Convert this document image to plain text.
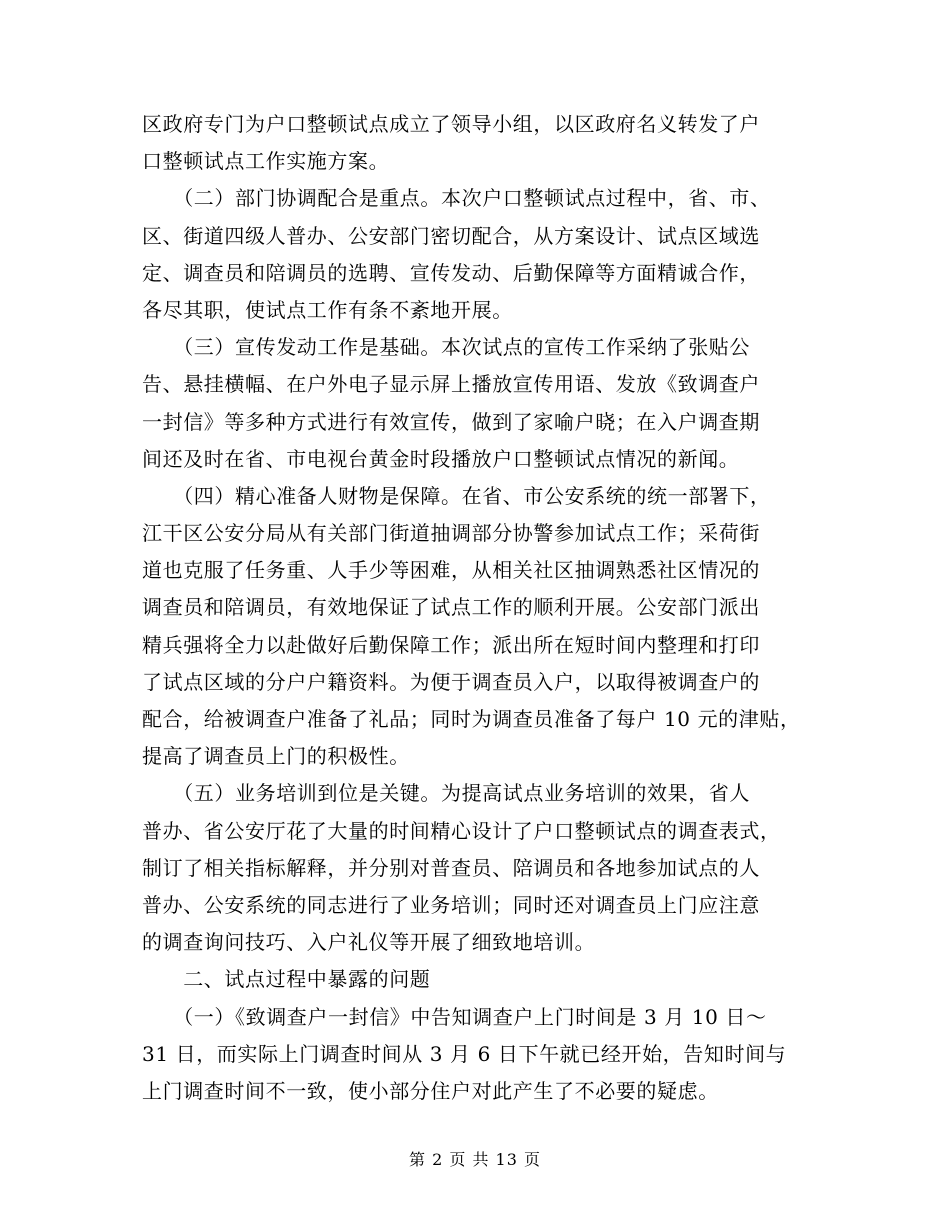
区政府专门为户口整顿试点成立了领导小组，以区政府名义转发了户
口整顿试点工作实施方案。
　　（二）部门协调配合是重点。本次户口整顿试点过程中，省、市、
区、街道四级人普办、公安部门密切配合，从方案设计、试点区域选
定、调查员和陪调员的选聘、宣传发动、后勤保障等方面精诚合作，
各尽其职，使试点工作有条不紊地开展。
　　（三）宣传发动工作是基础。本次试点的宣传工作采纳了张贴公
告、悬挂横幅、在户外电子显示屏上播放宣传用语、发放《致调查户
一封信》等多种方式进行有效宣传，做到了家喻户晓；在入户调查期
间还及时在省、市电视台黄金时段播放户口整顿试点情况的新闻。
　　（四）精心准备人财物是保障。在省、市公安系统的统一部署下，
江干区公安分局从有关部门街道抽调部分协警参加试点工作；采荷街
道也克服了任务重、人手少等困难，从相关社区抽调熟悉社区情况的
调查员和陪调员，有效地保证了试点工作的顺利开展。公安部门派出
精兵强将全力以赴做好后勤保障工作；派出所在短时间内整理和打印
了试点区域的分户户籍资料。为便于调查员入户，以取得被调查户的
配合，给被调查户准备了礼品；同时为调查员准备了每户 10 元的津贴，
提高了调查员上门的积极性。
　　（五）业务培训到位是关键。为提高试点业务培训的效果，省人
普办、省公安厅花了大量的时间精心设计了户口整顿试点的调查表式，
制订了相关指标解释，并分别对普查员、陪调员和各地参加试点的人
普办、公安系统的同志进行了业务培训；同时还对调查员上门应注意
的调查询问技巧、入户礼仪等开展了细致地培训。
　　二、试点过程中暴露的问题
　　（一）《致调查户一封信》中告知调查户上门时间是 3 月 10 日～
31 日，而实际上门调查时间从 3 月 6 日下午就已经开始，告知时间与
上门调查时间不一致，使小部分住户对此产生了不必要的疑虑。
第 2 页 共 13 页
